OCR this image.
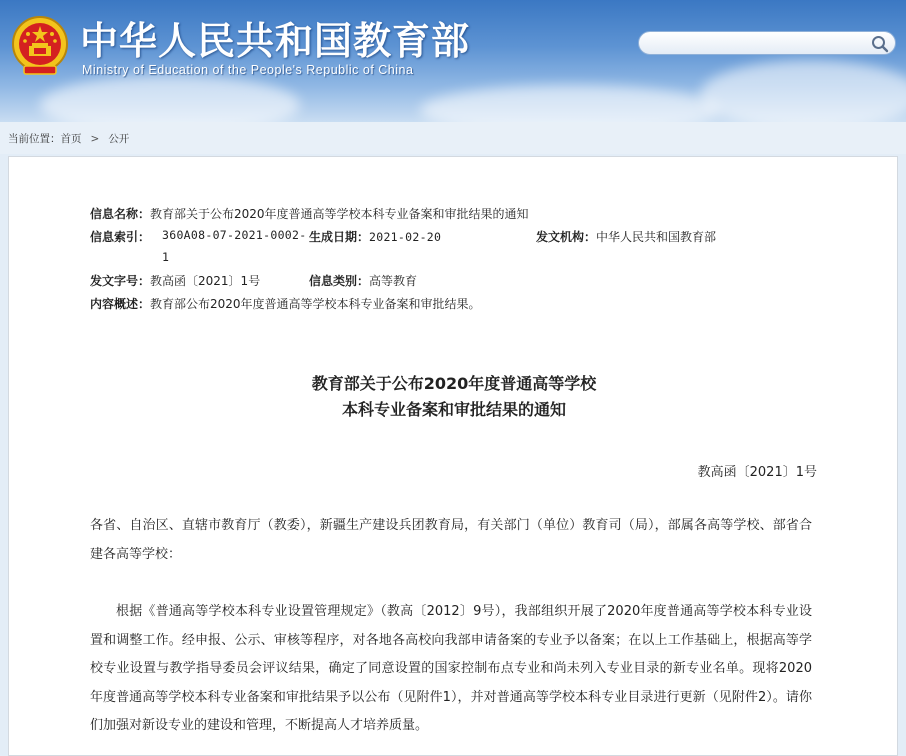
中华人民共和国教育部
Ministry of Education of the People's Republic of China
当前位置：首页 > 公开
信息名称：教育部关于公布2020年度普通高等学校本科专业备案和审批结果的通知
信息索引： 360A08-07-2021-0002-
1
生成日期：2021-02-20	发文机构：中华人民共和国教育部
发文字号：教高函〔2021〕1号	信息类别：高等教育
内容概述：教育部公布2020年度普通高等学校本科专业备案和审批结果。
教育部关于公布2020年度普通高等学校
本科专业备案和审批结果的通知
教高函〔2021〕1号

各省、自治区、直辖市教育厅（教委），新疆生产建设兵团教育局，有关部门（单位）教育司（局），部属各高等学校、部省合建各高等学校：

根据《普通高等学校本科专业设置管理规定》（教高〔2012〕9号），我部组织开展了2020年度普通高等学校本科专业设置和调整工作。经申报、公示、审核等程序，对各地各高校向我部申请备案的专业予以备案；在以上工作基础上，根据高等学校专业设置与教学指导委员会评议结果，确定了同意设置的国家控制布点专业和尚未列入专业目录的新专业名单。现将2020年度普通高等学校本科专业备案和审批结果予以公布（见附件1），并对普通高等学校本科专业目录进行更新（见附件2）。请你们加强对新设专业的建设和管理，不断提高人才培养质量。
